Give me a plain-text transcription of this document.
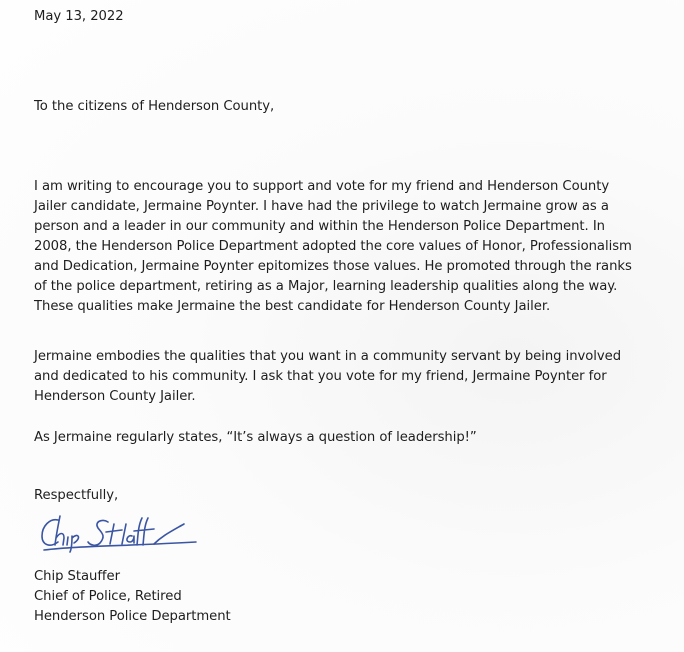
May 13, 2022
To the citizens of Henderson County,
I am writing to encourage you to support and vote for my friend and Henderson County
Jailer candidate, Jermaine Poynter. I have had the privilege to watch Jermaine grow as a
person and a leader in our community and within the Henderson Police Department. In
2008, the Henderson Police Department adopted the core values of Honor, Professionalism
and Dedication, Jermaine Poynter epitomizes those values. He promoted through the ranks
of the police department, retiring as a Major, learning leadership qualities along the way.
These qualities make Jermaine the best candidate for Henderson County Jailer.
Jermaine embodies the qualities that you want in a community servant by being involved
and dedicated to his community. I ask that you vote for my friend, Jermaine Poynter for
Henderson County Jailer.
As Jermaine regularly states, “It’s always a question of leadership!”
Respectfully,
Chip Stauffer
Chief of Police, Retired
Henderson Police Department
